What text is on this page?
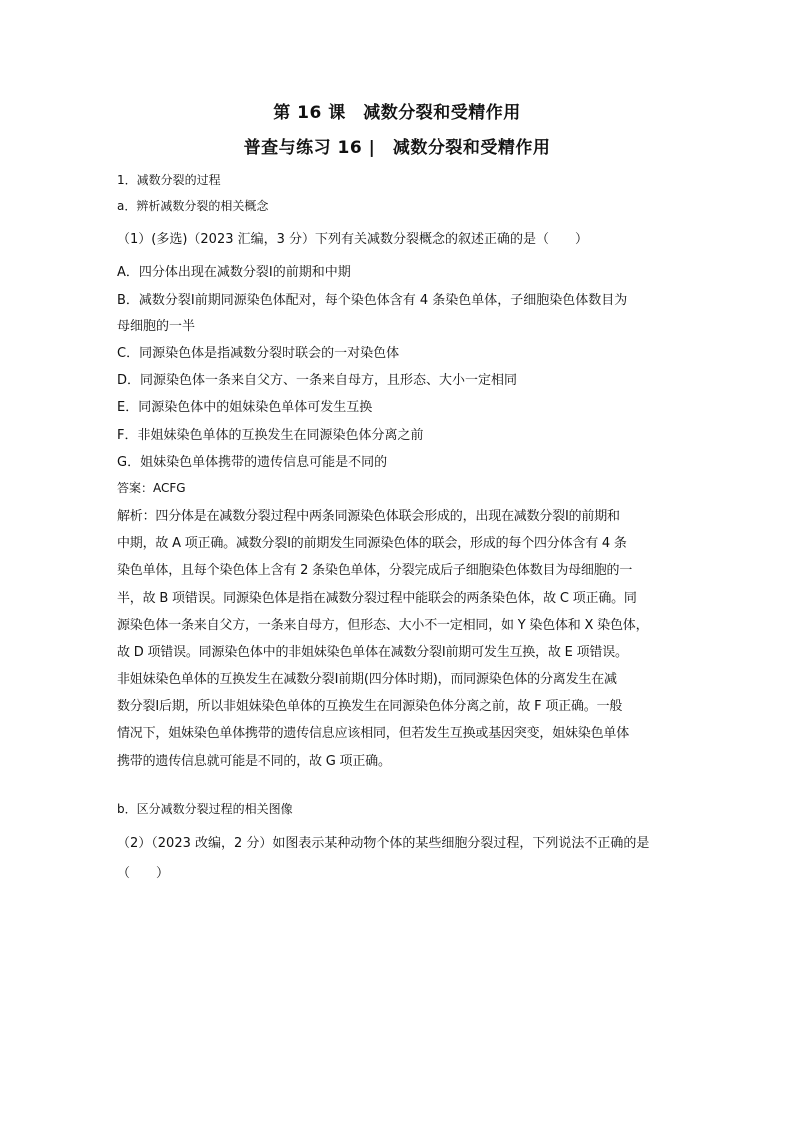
第 16 课　减数分裂和受精作用
普查与练习 16 |　减数分裂和受精作用
1．减数分裂的过程
a．辨析减数分裂的相关概念
（1）(多选)（2023 汇编，3 分）下列有关减数分裂概念的叙述正确的是（　　）
A．四分体出现在减数分裂Ⅰ的前期和中期
B．减数分裂Ⅰ前期同源染色体配对，每个染色体含有 4 条染色单体，子细胞染色体数目为
母细胞的一半
C．同源染色体是指减数分裂时联会的一对染色体
D．同源染色体一条来自父方、一条来自母方，且形态、大小一定相同
E．同源染色体中的姐妹染色单体可发生互换
F．非姐妹染色单体的互换发生在同源染色体分离之前
G．姐妹染色单体携带的遗传信息可能是不同的
答案：ACFG
解析：四分体是在减数分裂过程中两条同源染色体联会形成的，出现在减数分裂Ⅰ的前期和
中期，故 A 项正确。减数分裂Ⅰ的前期发生同源染色体的联会，形成的每个四分体含有 4 条
染色单体，且每个染色体上含有 2 条染色单体，分裂完成后子细胞染色体数目为母细胞的一
半，故 B 项错误。同源染色体是指在减数分裂过程中能联会的两条染色体，故 C 项正确。同
源染色体一条来自父方，一条来自母方，但形态、大小不一定相同，如 Y 染色体和 X 染色体，
故 D 项错误。同源染色体中的非姐妹染色单体在减数分裂Ⅰ前期可发生互换，故 E 项错误。
非姐妹染色单体的互换发生在减数分裂Ⅰ前期(四分体时期)，而同源染色体的分离发生在减
数分裂Ⅰ后期，所以非姐妹染色单体的互换发生在同源染色体分离之前，故 F 项正确。一般
情况下，姐妹染色单体携带的遗传信息应该相同，但若发生互换或基因突变，姐妹染色单体
携带的遗传信息就可能是不同的，故 G 项正确。
b．区分减数分裂过程的相关图像
（2）（2023 改编，2 分）如图表示某种动物个体的某些细胞分裂过程，下列说法不正确的是
（　　）
